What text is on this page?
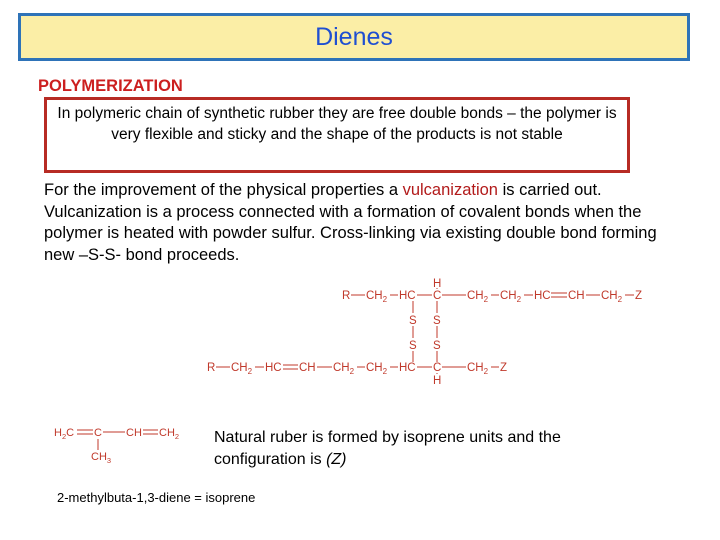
Dienes
POLYMERIZATION
In polymeric chain of synthetic rubber they are free double bonds – the polymer is very flexible and sticky and the shape of the products is not stable
For the improvement of the physical properties a vulcanization is carried out. Vulcanization is a process connected with a formation of covalent bonds when the polymer is heated with powder sulfur. Cross-linking via existing double bond forming new –S-S- bond proceeds.
R $CH_2$ HC
H
C $CH_2$ $CH_2$ HC CH $CH_2$ Z
S S
S S
R $CH_2$ HC CH $CH_2$ $CH_2$ HC C
H
$CH_2$ Z
$H_2C$ C CH $CH_2$
$CH_3$
Natural ruber is formed by isoprene units and the configuration is (Z)
2-methylbuta-1,3-diene = isoprene
